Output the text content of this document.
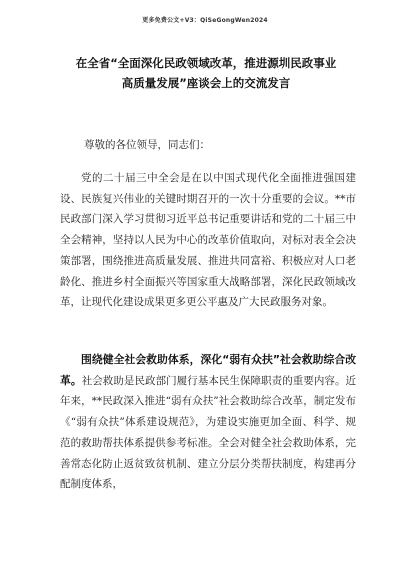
更多免费公文+V3：QiSeGongWen2024
在全省“全面深化民政领域改革，推进源圳民政事业高质量发展”座谈会上的交流发言
尊敬的各位领导，同志们：
党的二十届三中全会是在以中国式现代化全面推进强国建设、民族复兴伟业的关键时期召开的一次十分重要的会议。**市民政部门深入学习贯彻习近平总书记重要讲话和党的二十届三中全会精神，坚持以人民为中心的改革价值取向，对标对表全会决策部署，围绕推进高质量发展、推进共同富裕、积极应对人口老龄化、推进乡村全面振兴等国家重大战略部署，深化民政领域改革，让现代化建设成果更多更公平惠及广大民政服务对象。
围绕健全社会救助体系，深化“弱有众扶”社会救助综合改革。社会救助是民政部门履行基本民生保障职责的重要内容。近年来，**民政深入推进“弱有众扶”社会救助综合改革，制定发布《“弱有众扶”体系建设规范》，为建设实施更加全面、科学、规范的救助帮扶体系提供参考标准。全会对健全社会救助体系，完善常态化防止返贫致贫机制、建立分层分类帮扶制度，构建再分配制度体系，
